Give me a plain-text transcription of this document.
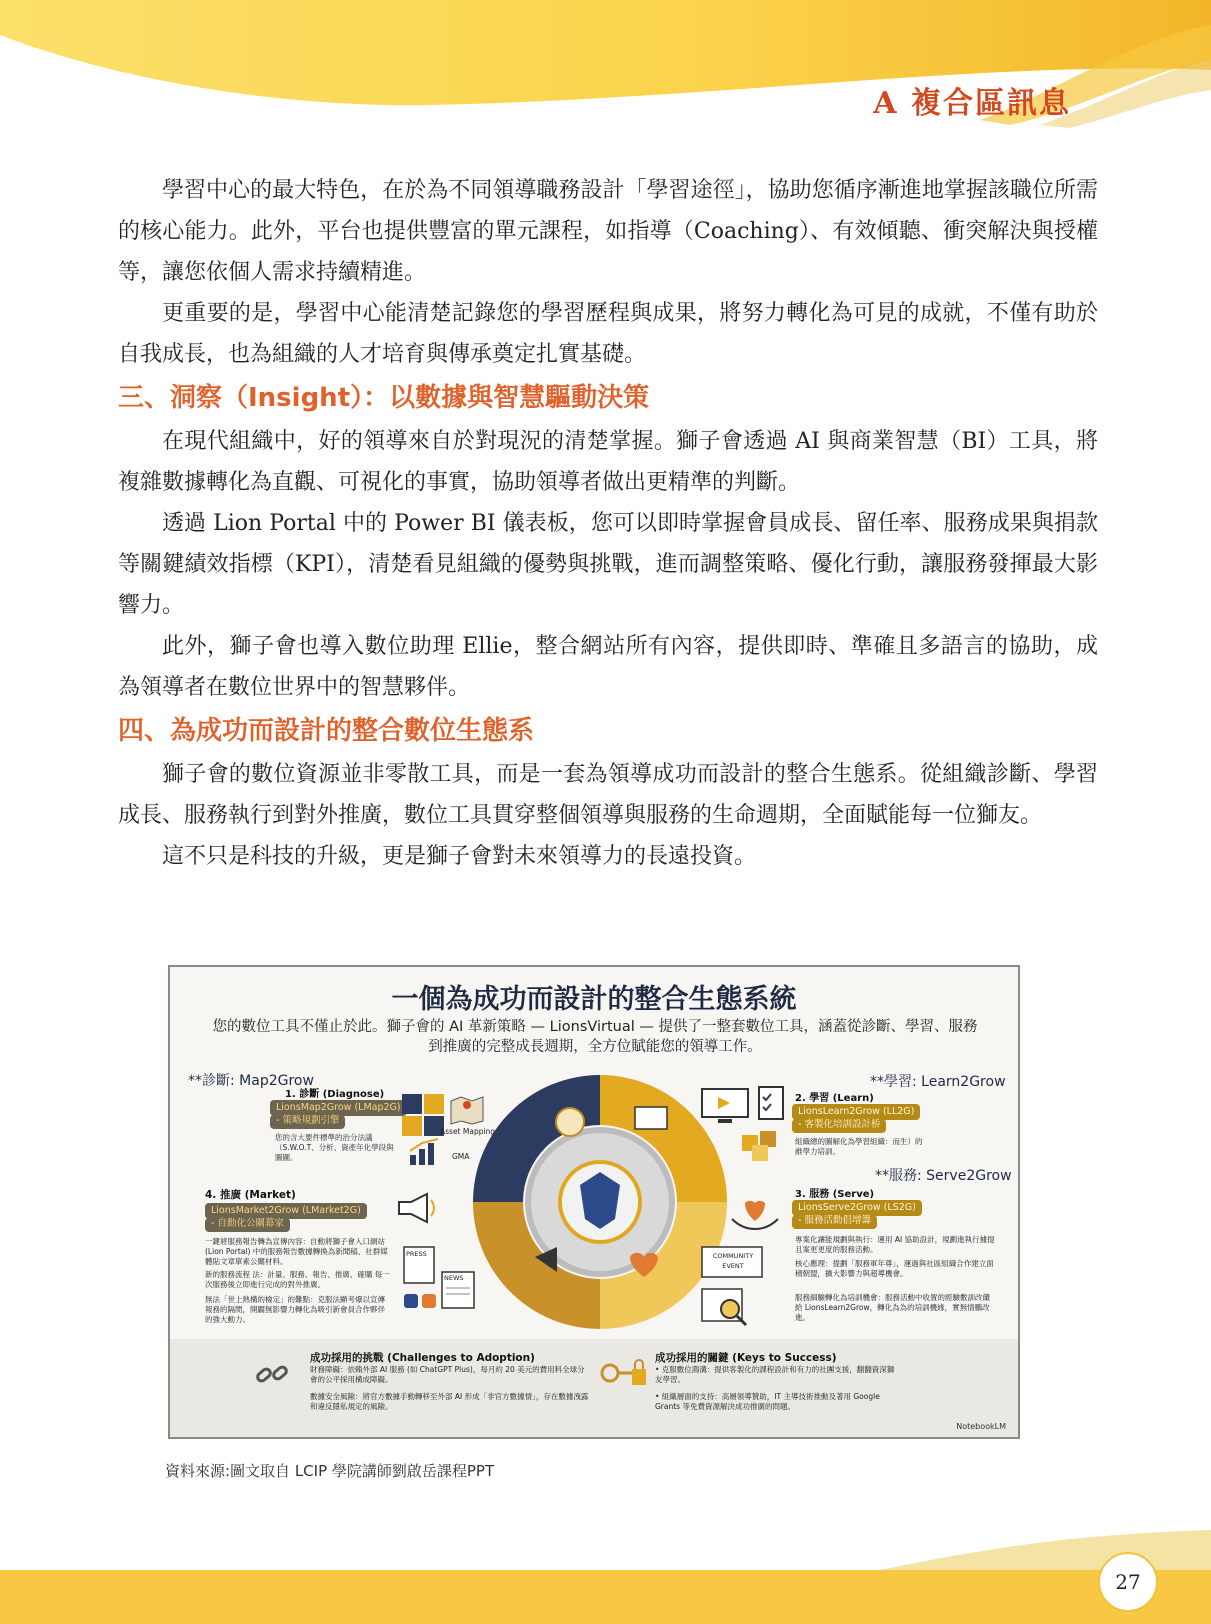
A 複合區訊息

學習中心的最大特色，在於為不同領導職務設計「學習途徑」，協助您循序漸進地掌握該職位所需的核心能力。此外，平台也提供豐富的單元課程，如指導（Coaching）、有效傾聽、衝突解決與授權等，讓您依個人需求持續精進。

更重要的是，學習中心能清楚記錄您的學習歷程與成果，將努力轉化為可見的成就，不僅有助於自我成長，也為組織的人才培育與傳承奠定扎實基礎。

三、洞察（Insight）：以數據與智慧驅動決策

在現代組織中，好的領導來自於對現況的清楚掌握。獅子會透過 AI 與商業智慧（BI）工具，將複雜數據轉化為直觀、可視化的事實，協助領導者做出更精準的判斷。

透過 Lion Portal 中的 Power BI 儀表板，您可以即時掌握會員成長、留任率、服務成果與捐款等關鍵績效指標（KPI），清楚看見組織的優勢與挑戰，進而調整策略、優化行動，讓服務發揮最大影響力。

此外，獅子會也導入數位助理 Ellie，整合網站所有內容，提供即時、準確且多語言的協助，成為領導者在數位世界中的智慧夥伴。

四、為成功而設計的整合數位生態系

獅子會的數位資源並非零散工具，而是一套為領導成功而設計的整合生態系。從組織診斷、學習成長、服務執行到對外推廣，數位工具貫穿整個領導與服務的生命週期，全面賦能每一位獅友。

這不只是科技的升級，更是獅子會對未來領導力的長遠投資。

一個為成功而設計的整合生態系統
您的數位工具不僅止於此。獅子會的 AI 革新策略 — LionsVirtual — 提供了一整套數位工具，涵蓋從診斷、學習、服務到推廣的完整成長週期，全方位賦能您的領導工作。
**診斷: Map2Grow
1. 診斷 (Diagnose)
LionsMap2Grow (LMap2G)
- 策略規劃引擎
您的含大要件標準的治分法議（S.W.O.T、分析、資產年化學段與圖圖。
Asset Mapping
GMA
**學習: Learn2Grow
2. 學習 (Learn)
LionsLearn2Grow (LL2G)
- 客製化培訓設計桥
組織總的圖解化為學習組織：而生）的維學力培訓。
**服務: Serve2Grow
3. 服務 (Serve)
LionsServe2Grow (LS2G)
- 服務活動倡增籌
專案化讓能規劃與執行：運用 AI 協助設計，規劃進執行據提且案更更度的服務活動。
核心應理：提劃「服務軍年尊」，運過與社區組織合作建立面積朝盟，擴大影響力與超導機會。
服務細驗轉化為培訓機會：服務活動中收置的經驗數訓改饋給 LionsLearn2Grow，轉化為為的培訓機緣，實無情鵬改進。
COMMUNITY EVENT
4. 推廣 (Market)
LionsMarket2Grow (LMarket2G)
- 自動化公關幕家
一鍵將服務報告轉為宣傳內容：自動將獅子會入口網站 (Lion Portal) 中的服務報告數據轉換為新聞稿、社群媒體貼文章單素公關材料。
新的服務流程 法：計量、服務、報告、推廣、確購 每一次服務後立即進行完成的對外推廣。
無法「世上熱構的檢定」的難點：克服法顯考爆以宣傳報務的隔閡，開闢無影響力轉化為吸引新會員合作夥伴的強大動力。
PRESS
NEWS
成功採用的挑戰 (Challenges to Adoption)
財務障礙：依賴外部 AI 服務 (如 ChatGPT Plus)，每月約 20 美元的費用料全球分會的公平採用構成障礙。
數據安全風險：將官方數據手動轉移至外部 AI 形成「非官方數據情」，存在數據洩露和違反隱私規定的風險。
成功採用的關鍵 (Keys to Success)
• 克服數位鴻溝：提供客製化的課程設計和有力的社團支援，翻翻資深獅友學習。
• 組織層面的支持：高層領導贊助，IT 主導技術推動及著用 Google Grants 等免費資源解決成功推廣的問題。
NotebookLM
資料來源:圖文取自 LCIP 學院講師劉啟岳課程PPT
27
